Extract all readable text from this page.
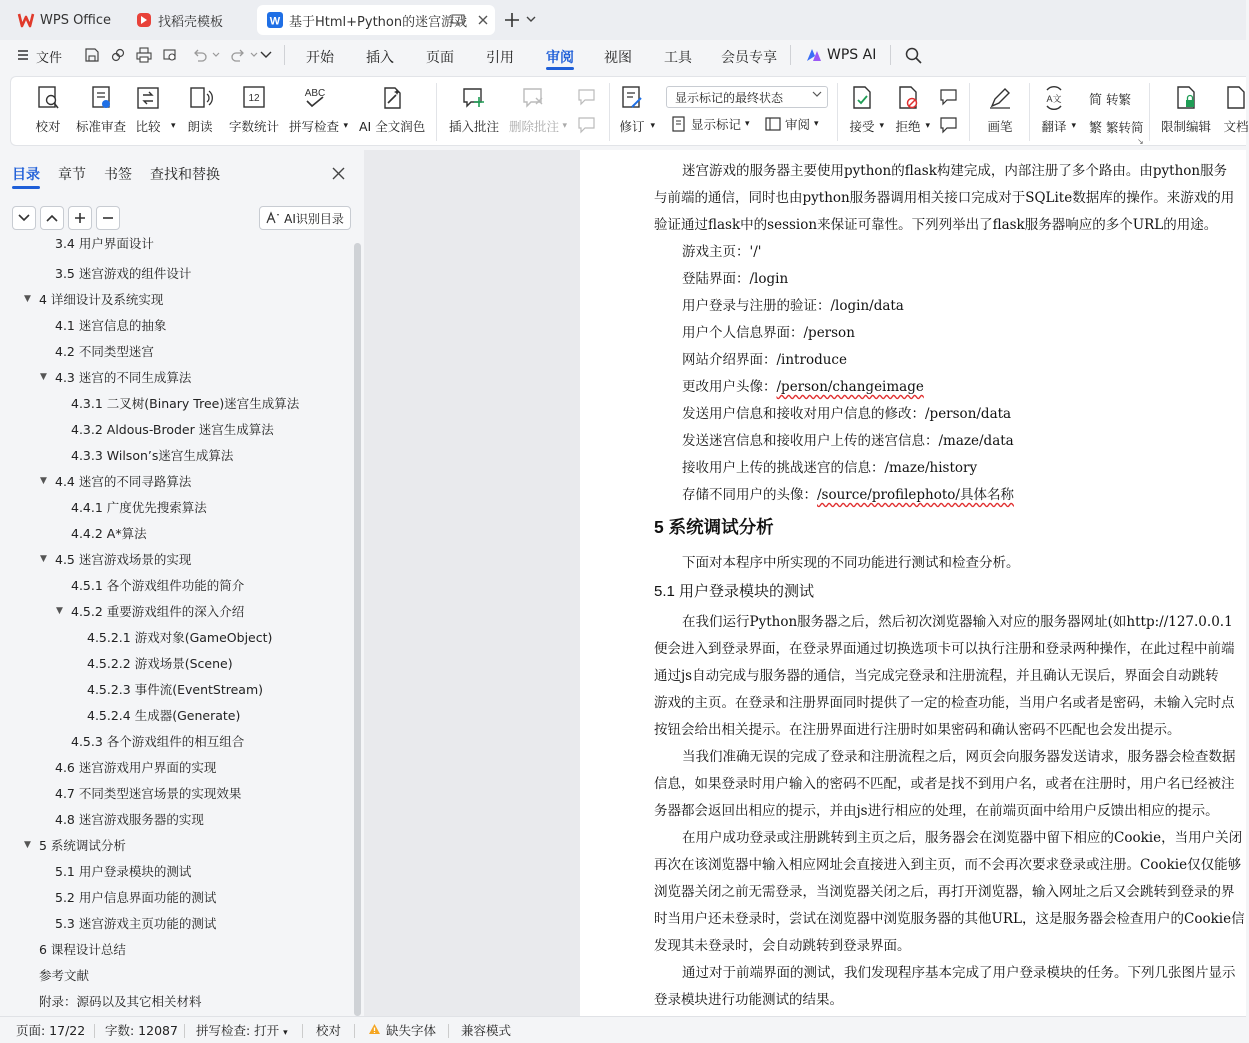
WPS Office	找稻壳模板	W 基于Html+Python的迷宫游戏
文件	开始 插入 页面 引用 审阅 视图 工具 会员专享	WPS AI
校对 标准审查 比较 ▾ 朗读
12
字数统计
ABC
拼写检查 ▾ AI 全文润色 插入批注 删除批注 ▾	修订 ▾
显示标记的最终状态
显示标记 ▾	审阅 ▾ 接受 ▾ 拒绝 ▾	画笔
A文
翻译 ▾
简 转繁
繁 繁转简
↘
限制编辑 文档
目录 章节 书签 查找和替换
AI识别目录
3.4 用户界面设计
3.5 迷宫游戏的组件设计
▼ 4 详细设计及系统实现
4.1 迷宫信息的抽象
4.2 不同类型迷宫
▼ 4.3 迷宫的不同生成算法
4.3.1 二叉树(Binary Tree)迷宫生成算法
4.3.2 Aldous-Broder 迷宫生成算法
4.3.3 Wilson’s迷宫生成算法
▼ 4.4 迷宫的不同寻路算法
4.4.1 广度优先搜索算法
4.4.2 A*算法
▼ 4.5 迷宫游戏场景的实现
4.5.1 各个游戏组件功能的简介
▼ 4.5.2 重要游戏组件的深入介绍
4.5.2.1 游戏对象(GameObject)
4.5.2.2 游戏场景(Scene)
4.5.2.3 事件流(EventStream)
4.5.2.4 生成器(Generate)
4.5.3 各个游戏组件的相互组合
4.6 迷宫游戏用户界面的实现
4.7 不同类型迷宫场景的实现效果
4.8 迷宫游戏服务器的实现
▼ 5 系统调试分析
5.1 用户登录模块的测试
5.2 用户信息界面功能的测试
5.3 迷宫游戏主页功能的测试
6 课程设计总结
参考文献
附录：源码以及其它相关材料
迷宫游戏的服务器主要使用python的flask构建完成，内部注册了多个路由。由python服务
与前端的通信，同时也由python服务器调用相关接口完成对于SQLite数据库的操作。来游戏的用
验证通过flask中的session来保证可靠性。下列列举出了flask服务器响应的多个URL的用途。
游戏主页：'/'
登陆界面：/login
用户登录与注册的验证：/login/data
用户个人信息界面：/person
网站介绍界面：/introduce
更改用户头像：/person/changeimage
发送用户信息和接收对用户信息的修改：/person/data
发送迷宫信息和接收用户上传的迷宫信息：/maze/data
接收用户上传的挑战迷宫的信息：/maze/history
存储不同用户的头像：/source/profilephoto/具体名称
5 系统调试分析
下面对本程序中所实现的不同功能进行测试和检查分析。
5.1 用户登录模块的测试
在我们运行Python服务器之后，然后初次浏览器输入对应的服务器网址(如http://127.0.0.1
便会进入到登录界面，在登录界面通过切换选项卡可以执行注册和登录两种操作，在此过程中前端
通过js自动完成与服务器的通信，当完成完登录和注册流程，并且确认无误后，界面会自动跳转
游戏的主页。在登录和注册界面同时提供了一定的检查功能，当用户名或者是密码，未输入完时点
按钮会给出相关提示。在注册界面进行注册时如果密码和确认密码不匹配也会发出提示。
当我们准确无误的完成了登录和注册流程之后，网页会向服务器发送请求，服务器会检查数据
信息，如果登录时用户输入的密码不匹配，或者是找不到用户名，或者在注册时，用户名已经被注
务器都会返回出相应的提示，并由js进行相应的处理，在前端页面中给用户反馈出相应的提示。
在用户成功登录或注册跳转到主页之后，服务器会在浏览器中留下相应的Cookie，当用户关闭
再次在该浏览器中输入相应网址会直接进入到主页，而不会再次要求登录或注册。Cookie仅仅能够
浏览器关闭之前无需登录，当浏览器关闭之后，再打开浏览器，输入网址之后又会跳转到登录的界
时当用户还未登录时，尝试在浏览器中浏览服务器的其他URL，这是服务器会检查用户的Cookie信
发现其未登录时，会自动跳转到登录界面。
通过对于前端界面的测试，我们发现程序基本完成了用户登录模块的任务。下列几张图片显示
登录模块进行功能测试的结果。
页面: 17/22 字数: 12087 拼写检查: 打开 ▾ 校对	缺失字体 兼容模式
